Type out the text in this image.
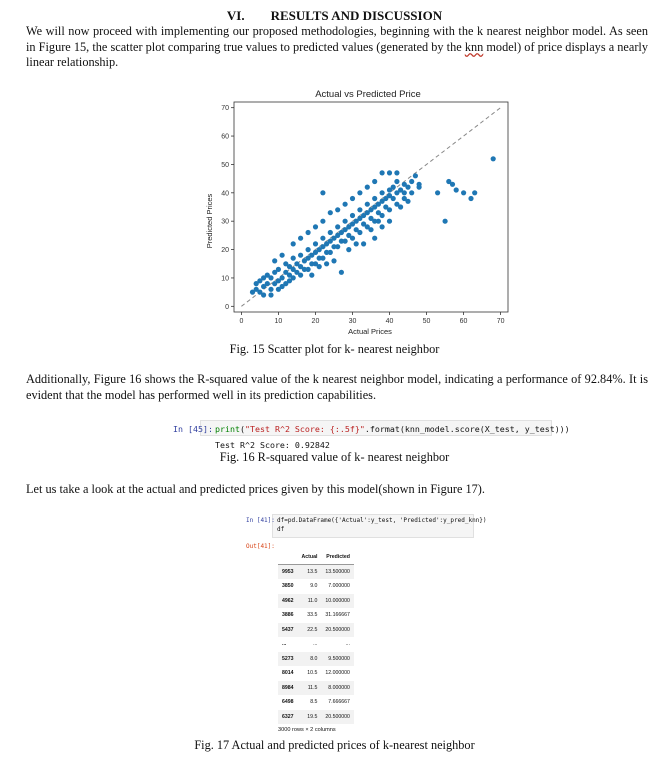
VI. RESULTS AND DISCUSSION
We will now proceed with implementing our proposed methodologies, beginning with the k nearest neighbor model. As seen in Figure 15, the scatter plot comparing true values to predicted values (generated by the knn model) of price displays a nearly linear relationship.
Actual vs Predicted Price
Predicted Prices
Actual Prices
0	10	20	30	40	50	60	70
0
10
20
30
40
50
60
70
Fig. 15 Scatter plot for k- nearest neighbor
Additionally, Figure 16 shows the R-squared value of the k nearest neighbor model, indicating a performance of 92.84%. It is evident that the model has performed well in its prediction capabilities.
In [45]: print("Test R^2 Score: {:.5f}".format(knn_model.score(X_test, y_test)))
Test R^2 Score: 0.92842
Fig. 16 R-squared value of k- nearest neighbor
Let us take a look at the actual and predicted prices given by this model(shown in Figure 17).
In [41]: df=pd.DataFrame({'Actual':y_test, 'Predicted':y_pred_knn})
df
Out[41]:
	Actual	Predicted
9953	13.5	13.500000
3850	9.0	7.000000
4962	11.0	10.000000
3886	33.5	31.166667
5437	22.5	20.500000
...	...	...
5273	8.0	9.500000
8014	10.5	12.000000
8984	11.5	8.000000
6498	8.5	7.666667
6327	19.5	20.500000
3000 rows × 2 columns
Fig. 17 Actual and predicted prices of k-nearest neighbor
